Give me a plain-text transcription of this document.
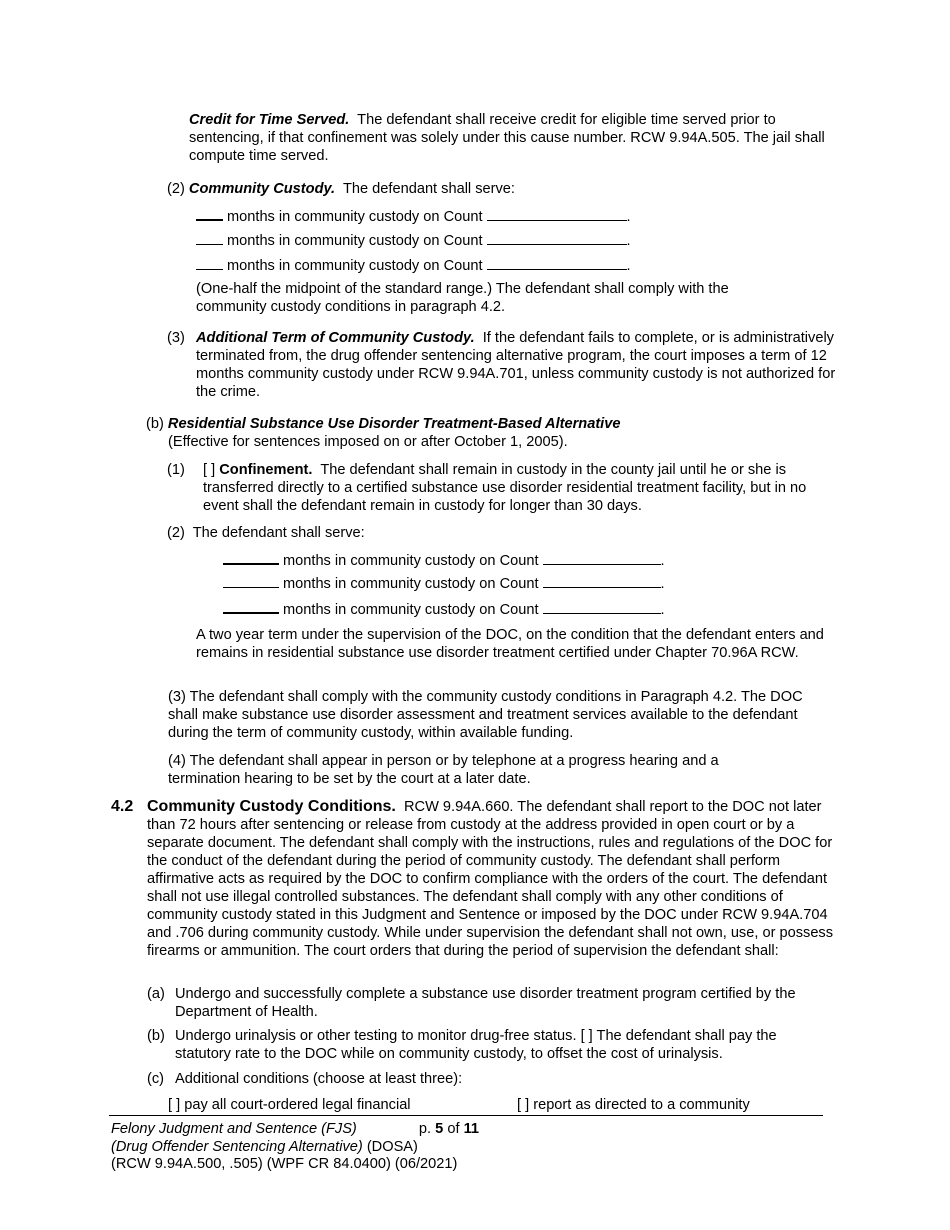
Credit for Time Served. The defendant shall receive credit for eligible time served prior to sentencing, if that confinement was solely under this cause number. RCW 9.94A.505. The jail shall compute time served.

(2) Community Custody. The defendant shall serve:

months in community custody on Count	.

months in community custody on Count	.

months in community custody on Count	.

(One-half the midpoint of the standard range.) The defendant shall comply with the community custody conditions in paragraph 4.2.

(3) Additional Term of Community Custody. If the defendant fails to complete, or is administratively terminated from, the drug offender sentencing alternative program, the court imposes a term of 12 months community custody under RCW 9.94A.701, unless community custody is not authorized for the crime.

(b) Residential Substance Use Disorder Treatment-Based Alternative

(Effective for sentences imposed on or after October 1, 2005).

(1) [ ] Confinement. The defendant shall remain in custody in the county jail until he or she is transferred directly to a certified substance use disorder residential treatment facility, but in no event shall the defendant remain in custody for longer than 30 days.

(2) The defendant shall serve:

months in community custody on Count	.

months in community custody on Count	.

months in community custody on Count	.

A two year term under the supervision of the DOC, on the condition that the defendant enters and remains in residential substance use disorder treatment certified under Chapter 70.96A RCW.

(3) The defendant shall comply with the community custody conditions in Paragraph 4.2. The DOC shall make substance use disorder assessment and treatment services available to the defendant during the term of community custody, within available funding.

(4) The defendant shall appear in person or by telephone at a progress hearing and a termination hearing to be set by the court at a later date.

4.2 Community Custody Conditions. RCW 9.94A.660. The defendant shall report to the DOC not later than 72 hours after sentencing or release from custody at the address provided in open court or by a separate document. The defendant shall comply with the instructions, rules and regulations of the DOC for the conduct of the defendant during the period of community custody. The defendant shall perform affirmative acts as required by the DOC to confirm compliance with the orders of the court. The defendant shall not use illegal controlled substances. The defendant shall comply with any other conditions of community custody stated in this Judgment and Sentence or imposed by the DOC under RCW 9.94A.704 and .706 during community custody. While under supervision the defendant shall not own, use, or possess firearms or ammunition. The court orders that during the period of supervision the defendant shall:

(a) Undergo and successfully complete a substance use disorder treatment program certified by the Department of Health.

(b) Undergo urinalysis or other testing to monitor drug-free status. [ ] The defendant shall pay the statutory rate to the DOC while on community custody, to offset the cost of urinalysis.

(c) Additional conditions (choose at least three):

[ ] pay all court-ordered legal financial	[ ] report as directed to a community

Felony Judgment and Sentence (FJS)	p. 5 of 11
(Drug Offender Sentencing Alternative) (DOSA)
(RCW 9.94A.500, .505) (WPF CR 84.0400) (06/2021)
